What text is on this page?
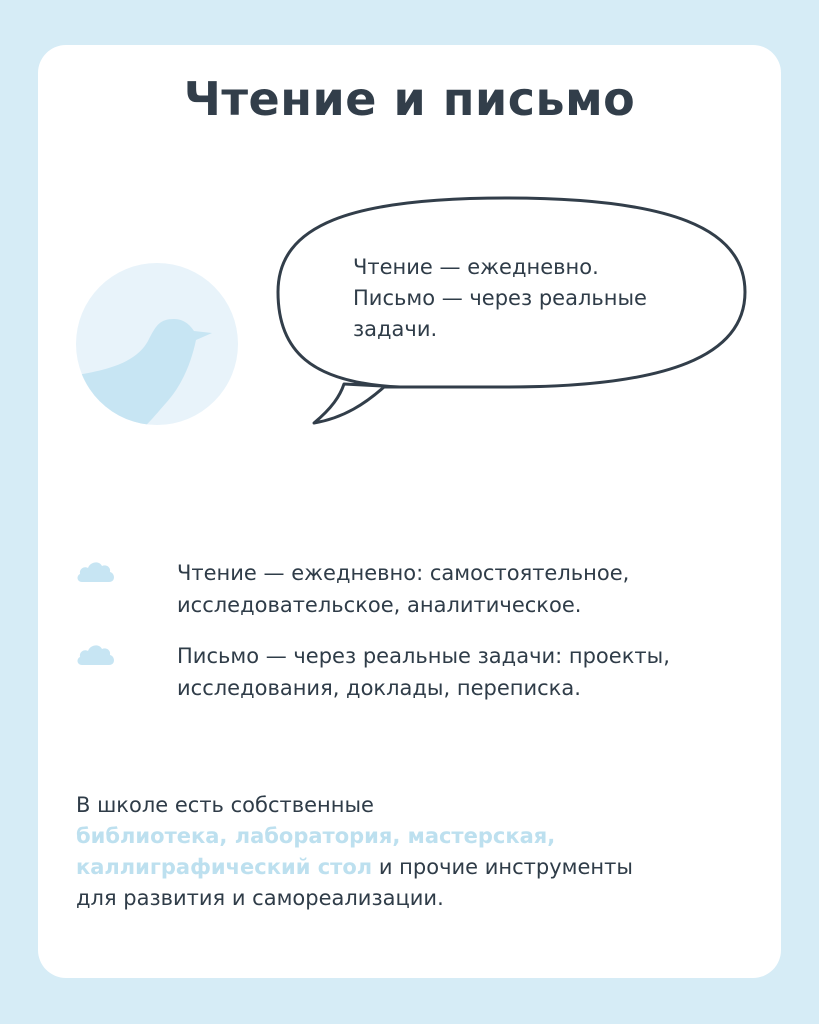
Чтение и письмо
Чтение — ежедневно.
Письмо — через реальные
задачи.
Чтение — ежедневно: самостоятельное,
исследовательское, аналитическое.
Письмо — через реальные задачи: проекты,
исследования, доклады, переписка.
В школе есть собственные
библиотека, лаборатория, мастерская,
каллиграфический стол и прочие инструменты
для развития и самореализации.
